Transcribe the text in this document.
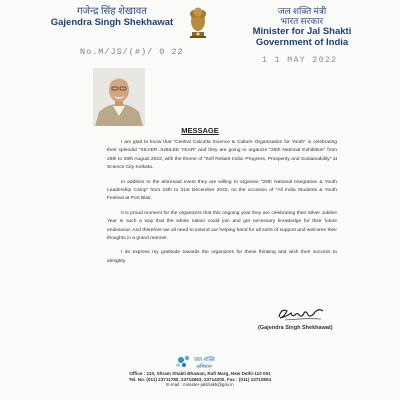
गजेन्द्र सिंह शेखावत
Gajendra Singh Shekhawat
जल शक्ति मंत्री
भारत सरकार
Minister for Jal Shakti
Government of India
No.M/JS/(#)/ 0 22
1 1 MAY 2022
MESSAGE

I am glad to know that "Central Calcutta Science & Culture Organisation for Youth" is celebrating their splendid "SILVER JUBILEE YEAR" and they are going to organize "25th National Exhibition" from 25th to 28th August 2022, with the theme of "Self Reliant India: Progress, Prosperity and Sustainability" at Science City Kolkata.

In addition to the aforesaid event they are willing to organise "25th National Integration & Youth Leadership Camp" from 24th to 31st December 2022, on the occasion of "All India Students & Youth Festival at Port Blair.

It is proud moment for the organizers that this ongoing year they are celebrating their Silver Jubilee Year in such a way that the whole nation could join and get necessary knowledge for their future endeavour. And therefore we all need to extend our helping hand for all sorts of support and welcome their thoughts in a grand manner.

I do express my gratitude towards the organizers for these thinking and wish their success to almighty.

(Gajendra Singh Shekhawat)
जल शक्ति
अभियान
Office : 210, Shram Shakti Bhawan, Rafi Marg, New Delhi-110 001
Tel. No. (011) 23711780, 23714663, 23714200, Fax : (011) 23710804
E-mail : minister-jalshakti@gov.in
